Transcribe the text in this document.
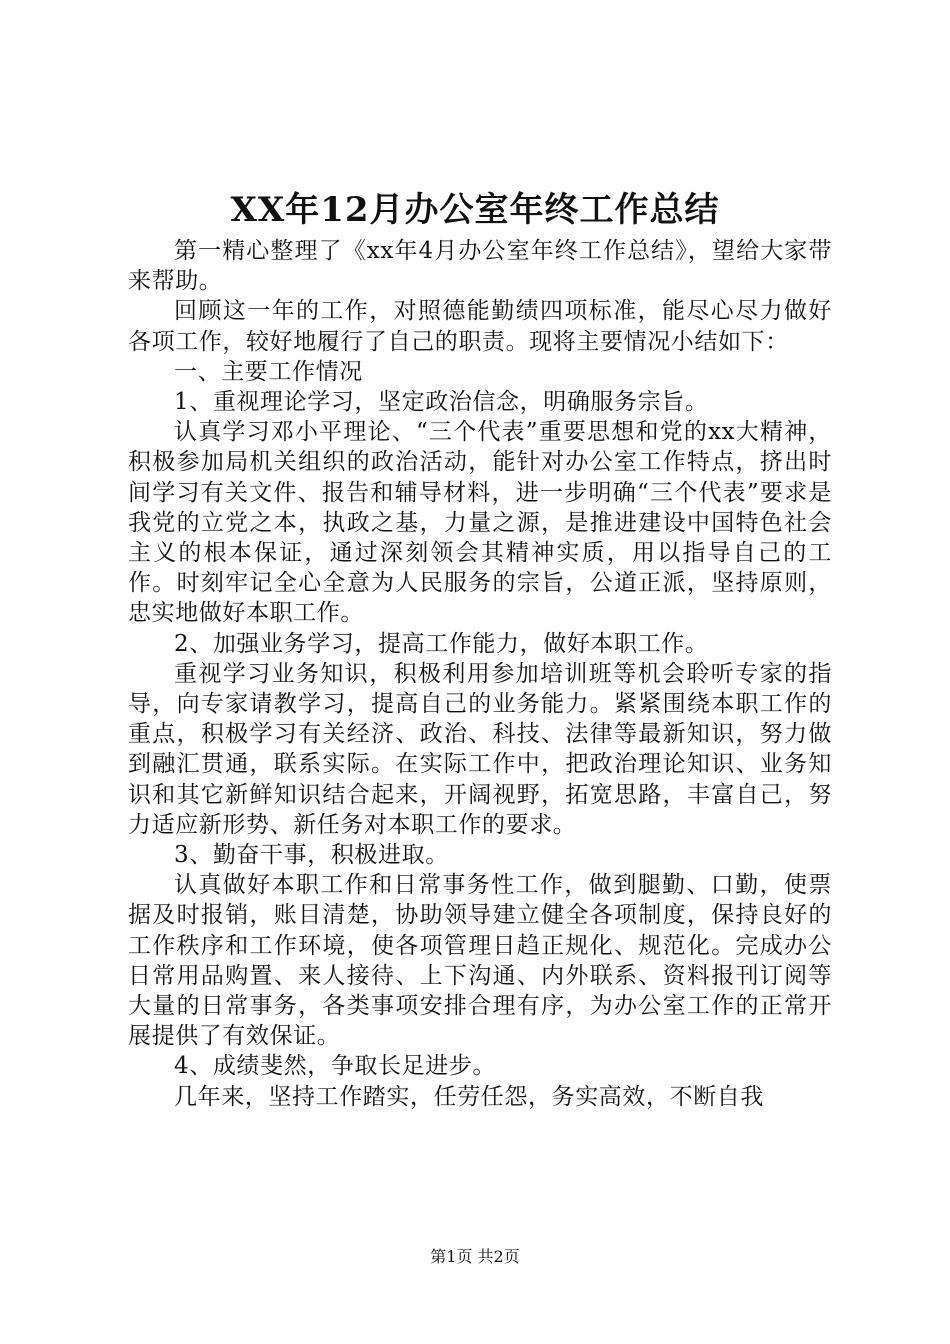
XX年12月办公室年终工作总结

第一精心整理了《xx年4月办公室年终工作总结》，望给大家带来帮助。

回顾这一年的工作，对照德能勤绩四项标准，能尽心尽力做好各项工作，较好地履行了自己的职责。现将主要情况小结如下：

一、主要工作情况

1、重视理论学习，坚定政治信念，明确服务宗旨。

认真学习邓小平理论、“三个代表”重要思想和党的xx大精神，积极参加局机关组织的政治活动，能针对办公室工作特点，挤出时间学习有关文件、报告和辅导材料，进一步明确“三个代表”要求是我党的立党之本，执政之基，力量之源，是推进建设中国特色社会主义的根本保证，通过深刻领会其精神实质，用以指导自己的工作。时刻牢记全心全意为人民服务的宗旨，公道正派，坚持原则，忠实地做好本职工作。

2、加强业务学习，提高工作能力，做好本职工作。

重视学习业务知识，积极利用参加培训班等机会聆听专家的指导，向专家请教学习，提高自己的业务能力。紧紧围绕本职工作的重点，积极学习有关经济、政治、科技、法律等最新知识，努力做到融汇贯通，联系实际。在实际工作中，把政治理论知识、业务知识和其它新鲜知识结合起来，开阔视野，拓宽思路，丰富自己，努力适应新形势、新任务对本职工作的要求。

3、勤奋干事，积极进取。

认真做好本职工作和日常事务性工作，做到腿勤、口勤，使票据及时报销，账目清楚，协助领导建立健全各项制度，保持良好的工作秩序和工作环境，使各项管理日趋正规化、规范化。完成办公日常用品购置、来人接待、上下沟通、内外联系、资料报刊订阅等大量的日常事务，各类事项安排合理有序，为办公室工作的正常开展提供了有效保证。

4、成绩斐然，争取长足进步。

几年来，坚持工作踏实，任劳任怨，务实高效，不断自我

第1页 共2页
